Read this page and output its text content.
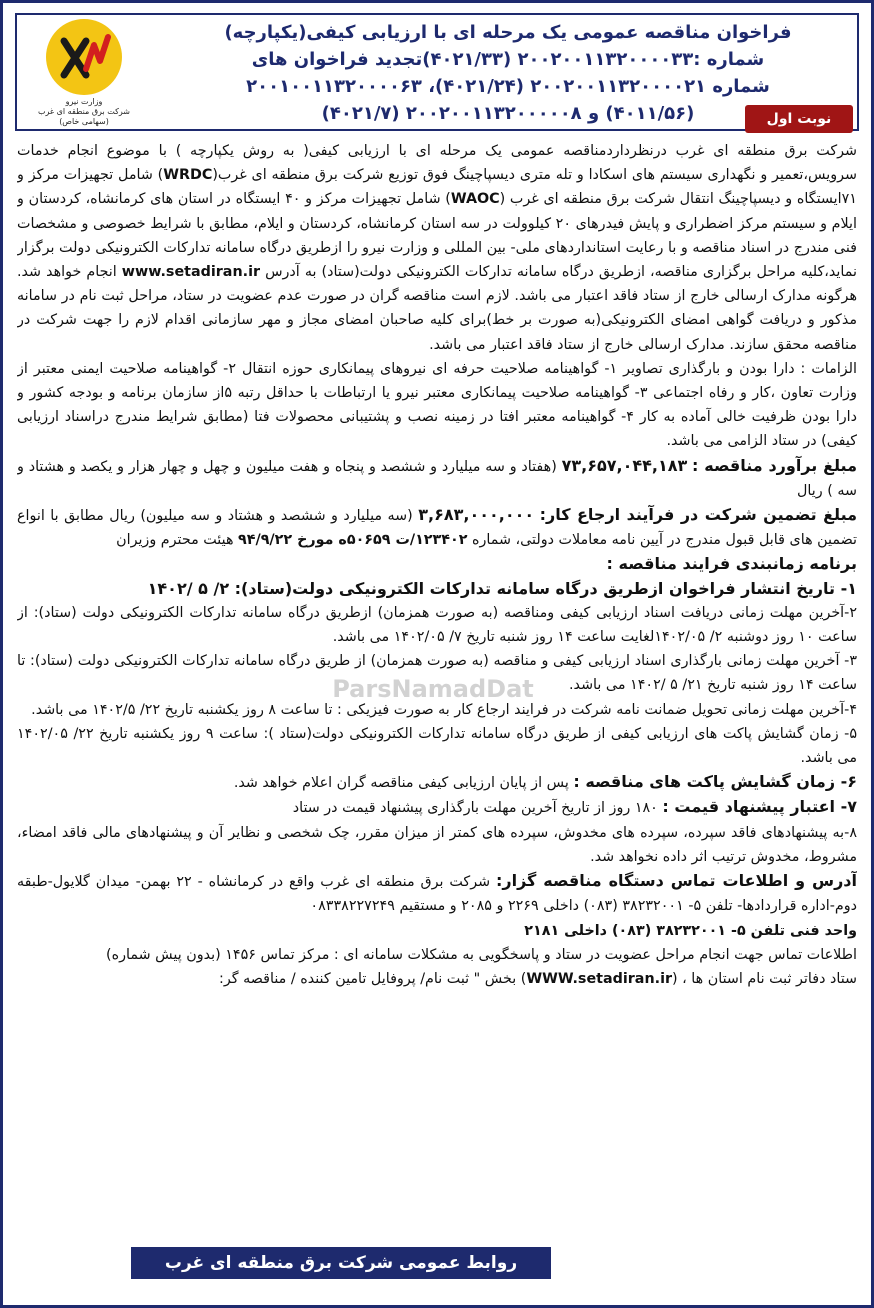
فراخوان مناقصه عمومی یک مرحله ای با ارزیابی کیفی(یکپارچه)
شماره :۲۰۰۲۰۰۱۱۳۲۰۰۰۰۳۳ (۴۰۲۱/۳۳)تجدید فراخوان های
شماره ۲۰۰۲۰۰۱۱۳۲۰۰۰۰۲۱ (۴۰۲۱/۲۴)، ۲۰۰۱۰۰۱۱۳۲۰۰۰۰۶۳
(۴۰۱۱/۵۶) و ۲۰۰۲۰۰۱۱۳۲۰۰۰۰۰۸ (۴۰۲۱/۷)	نوبت اول
وزارت نیرو
شرکت برق منطقه ای غرب
(سهامی خاص)
ParsNamadDat

شرکت برق منطقه ای غرب درنظرداردمناقصه عمومی یک مرحله ای با ارزیابی کیفی( به روش یکپارچه ) با موضوع انجام خدمات سرویس،تعمیر و نگهداری سیستم های اسکادا و تله متری دیسپاچینگ فوق توزیع شرکت برق منطقه ای غرب(WRDC) شامل تجهیزات مرکز و ۷۱ایستگاه و دیسپاچینگ انتقال شرکت برق منطقه ای غرب (WAOC) شامل تجهیزات مرکز و ۴۰ ایستگاه در استان های کرمانشاه، کردستان و ایلام و سیستم مرکز اضطراری و پایش فیدرهای ۲۰ کیلوولت در سه استان کرمانشاه، کردستان و ایلام، مطابق با شرایط خصوصی و مشخصات فنی مندرج در اسناد مناقصه و با رعایت استانداردهای ملی- بین المللی و وزارت نیرو را ازطریق درگاه سامانه تدارکات الکترونیکی دولت برگزار نماید،کلیه مراحل برگزاری مناقصه، ازطریق درگاه سامانه تدارکات الکترونیکی دولت(ستاد) به آدرس www.setadiran.ir انجام خواهد شد. هرگونه مدارک ارسالی خارج از ستاد فاقد اعتبار می باشد. لازم است مناقصه گران در صورت عدم عضویت در ستاد، مراحل ثبت نام در سامانه مذکور و دریافت گواهی امضای الکترونیکی(به صورت بر خط)برای کلیه صاحبان امضای مجاز و مهر سازمانی اقدام لازم را جهت شرکت در مناقصه محقق سازند. مدارک ارسالی خارج از ستاد فاقد اعتبار می باشد.

الزامات : دارا بودن و بارگذاری تصاویر ۱- گواهینامه صلاحیت حرفه ای نیروهای پیمانکاری حوزه انتقال ۲- گواهینامه صلاحیت ایمنی معتبر از وزارت تعاون ،کار و رفاه اجتماعی ۳- گواهینامه صلاحیت پیمانکاری معتبر نیرو یا ارتباطات با حداقل رتبه ۵از سازمان برنامه و بودجه کشور و دارا بودن ظرفیت خالی آماده به کار ۴- گواهینامه معتبر افتا در زمینه نصب و پشتیبانی محصولات فتا (مطابق شرایط مندرج دراسناد ارزیابی کیفی) در ستاد الزامی می باشد.

مبلغ برآورد مناقصه : ۷۳,۶۵۷,۰۴۴,۱۸۳ (هفتاد و سه میلیارد و ششصد و پنجاه و هفت میلیون و چهل و چهار هزار و یکصد و هشتاد و سه ) ریال

مبلغ تضمین شرکت در فرآیند ارجاع کار: ۳,۶۸۳,۰۰۰,۰۰۰ (سه میلیارد و ششصد و هشتاد و سه میلیون) ریال مطابق با انواع تضمین های قابل قبول مندرج در آیین نامه معاملات دولتی، شماره ۱۲۳۴۰۲/ت ۵۰۶۵۹ه مورخ ۹۴/۹/۲۲ هیئت محترم وزیران

برنامه زمانبندی فرایند مناقصه :

۱- تاریخ انتشار فراخوان ازطریق درگاه سامانه تدارکات الکترونیکی دولت(ستاد): ۲/ ۵ /۱۴۰۲

۲-آخرین مهلت زمانی دریافت اسناد ارزیابی کیفی ومناقصه (به صورت همزمان) ازطریق درگاه سامانه تدارکات الکترونیکی دولت (ستاد): از ساعت ۱۰ روز دوشنبه ۲/ ۱۴۰۲/۰۵لغایت ساعت ۱۴ روز شنبه تاریخ ۷/ ۱۴۰۲/۰۵ می باشد.

۳- آخرین مهلت زمانی بارگذاری اسناد ارزیابی کیفی و مناقصه (به صورت همزمان) از طریق درگاه سامانه تدارکات الکترونیکی دولت (ستاد): تا ساعت ۱۴ روز شنبه تاریخ ۲۱/ ۵ /۱۴۰۲ می باشد.

۴-آخرین مهلت زمانی تحویل ضمانت نامه شرکت در فرایند ارجاع کار به صورت فیزیکی : تا ساعت ۸ روز یکشنبه تاریخ ۲۲/ ۱۴۰۲/۵ می باشد.

۵- زمان گشایش پاکت های ارزیابی کیفی از طریق درگاه سامانه تدارکات الکترونیکی دولت(ستاد ): ساعت ۹ روز یکشنبه تاریخ ۲۲/ ۱۴۰۲/۰۵ می باشد.

۶- زمان گشایش پاکت های مناقصه : پس از پایان ارزیابی کیفی مناقصه گران اعلام خواهد شد.

۷- اعتبار پیشنهاد قیمت : ۱۸۰ روز از تاریخ آخرین مهلت بارگذاری پیشنهاد قیمت در ستاد

۸-به پیشنهادهای فاقد سپرده، سپرده های مخدوش، سپرده های کمتر از میزان مقرر، چک شخصی و نظایر آن و پیشنهادهای مالی فاقد امضاء، مشروط، مخدوش ترتیب اثر داده نخواهد شد.

آدرس و اطلاعات تماس دستگاه مناقصه گزار: شرکت برق منطقه ای غرب واقع در کرمانشاه - ۲۲ بهمن- میدان گلایول-طبقه دوم-اداره قراردادها- تلفن ۵- ۳۸۲۳۲۰۰۱ (۰۸۳) داخلی ۲۲۶۹ و ۲۰۸۵ و مستقیم ۰۸۳۳۸۲۲۷۲۴۹

واحد فنی تلفن ۵- ۳۸۲۳۲۰۰۱ (۰۸۳) داخلی ۲۱۸۱

اطلاعات تماس جهت انجام مراحل عضویت در ستاد و پاسخگویی به مشکلات سامانه ای : مرکز تماس ۱۴۵۶ (بدون پیش شماره)

ستاد دفاتر ثبت نام استان ها ، (WWW.setadiran.ir) بخش " ثبت نام/ پروفایل تامین کننده / مناقصه گر:

روابط عمومی شرکت برق منطقه ای غرب
